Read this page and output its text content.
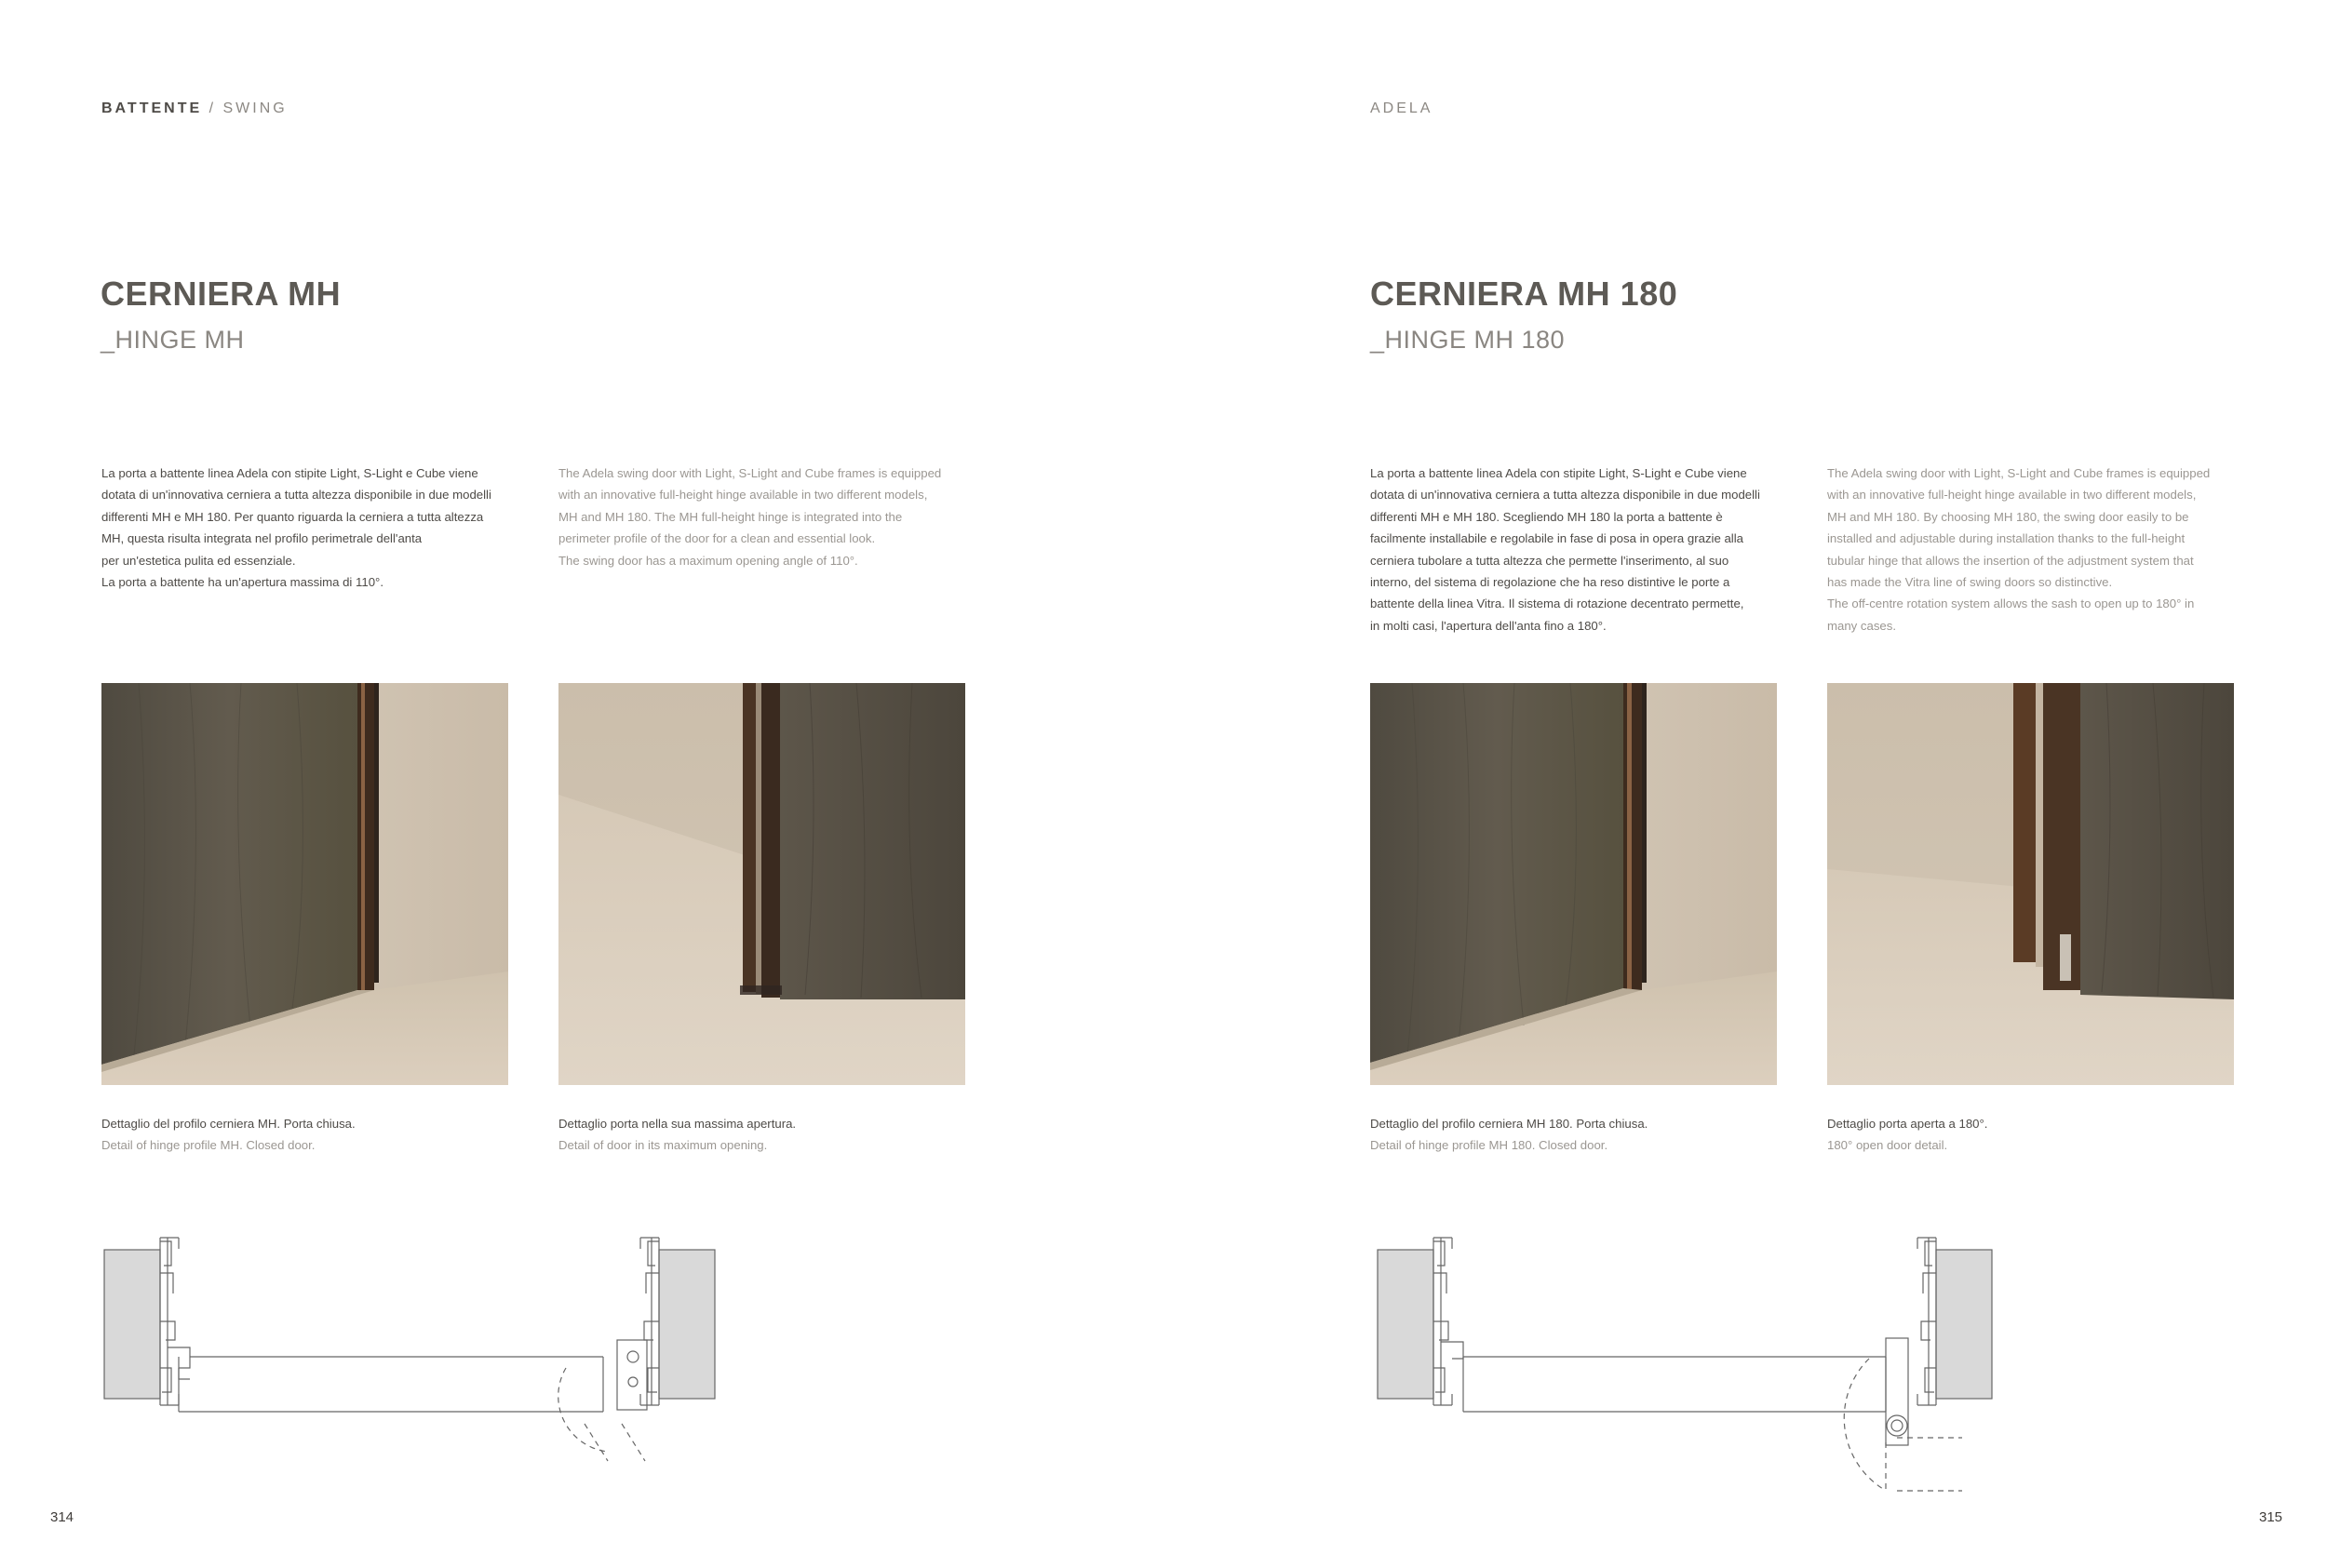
BATTENTE / SWING
CERNIERA MH
_HINGE MH
La porta a battente linea Adela con stipite Light, S-Light e Cube viene
dotata di un'innovativa cerniera a tutta altezza disponibile in due modelli
differenti MH e MH 180. Per quanto riguarda la cerniera a tutta altezza
MH, questa risulta integrata nel profilo perimetrale dell'anta
per un'estetica pulita ed essenziale.
La porta a battente ha un'apertura massima di 110°.
The Adela swing door with Light, S-Light and Cube frames is equipped
with an innovative full-height hinge available in two different models,
MH and MH 180. The MH full-height hinge is integrated into the
perimeter profile of the door for a clean and essential look.
The swing door has a maximum opening angle of 110°.
Dettaglio del profilo cerniera MH. Porta chiusa.
Detail of hinge profile MH. Closed door.
Dettaglio porta nella sua massima apertura.
Detail of door in its maximum opening.
314
ADELA
CERNIERA MH 180
_HINGE MH 180
La porta a battente linea Adela con stipite Light, S-Light e Cube viene
dotata di un'innovativa cerniera a tutta altezza disponibile in due modelli
differenti MH e MH 180. Scegliendo MH 180 la porta a battente è
facilmente installabile e regolabile in fase di posa in opera grazie alla
cerniera tubolare a tutta altezza che permette l'inserimento, al suo
interno, del sistema di regolazione che ha reso distintive le porte a
battente della linea Vitra. Il sistema di rotazione decentrato permette,
in molti casi, l'apertura dell'anta fino a 180°.
The Adela swing door with Light, S-Light and Cube frames is equipped
with an innovative full-height hinge available in two different models,
MH and MH 180. By choosing MH 180, the swing door easily to be
installed and adjustable during installation thanks to the full-height
tubular hinge that allows the insertion of the adjustment system that
has made the Vitra line of swing doors so distinctive.
The off-centre rotation system allows the sash to open up to 180° in
many cases.
Dettaglio del profilo cerniera MH 180. Porta chiusa.
Detail of hinge profile MH 180. Closed door.
Dettaglio porta aperta a 180°.
180° open door detail.
315
